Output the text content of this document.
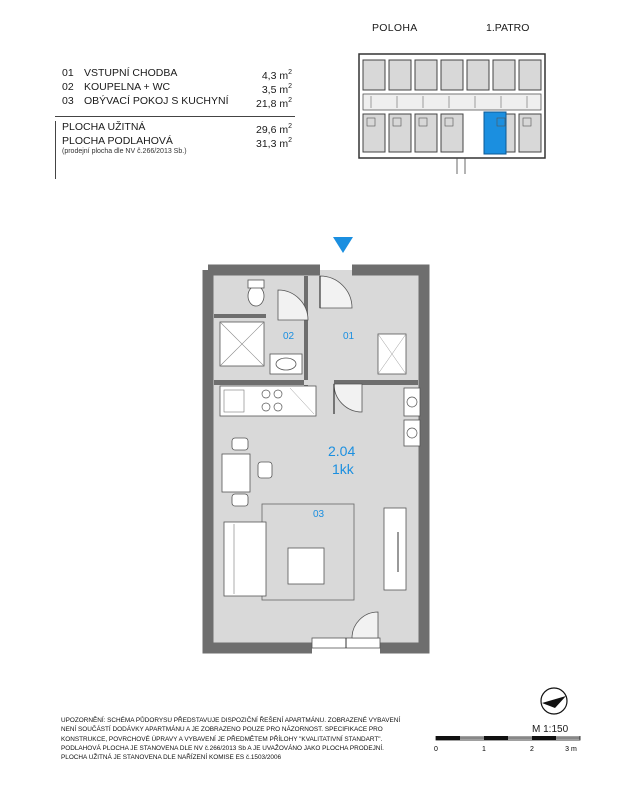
01 VSTUPNÍ CHODBA	4,3 $m^2$
02 KOUPELNA + WC	3,5 $m^2$
03 OBÝVACÍ POKOJ S KUCHYNÍ	21,8 $m^2$
PLOCHA UŽITNÁ	29,6 $m^2$
PLOCHA PODLAHOVÁ	31,3 $m^2$
(prodejní plocha dle NV č.266/2013 Sb.)
POLOHA	1.PATRO
02	01
03
2.04
1kk
UPOZORNĚNÍ: SCHÉMA PŮDORYSU PŘEDSTAVUJE DISPOZIČNÍ ŘEŠENÍ APARTMÁNU. ZOBRAZENÉ VYBAVENÍ
NENÍ SOUČÁSTÍ DODÁVKY APARTMÁNU A JE ZOBRAZENO POUZE PRO NÁZORNOST. SPECIFIKACE PRO
KONSTRUKCE, POVRCHOVÉ ÚPRAVY A VYBAVENÍ JE PŘEDMĚTEM PŘÍLOHY "KVALITATIVNÍ STANDART".
PODLAHOVÁ PLOCHA JE STANOVENA DLE NV č.266/2013 Sb A JE UVAŽOVÁNO JAKO PLOCHA PRODEJNÍ.
PLOCHA UŽITNÁ JE STANOVENA DLE NAŘÍZENÍ KOMISE ES č.1503/2006
M 1:150
0	1	2	3 m
